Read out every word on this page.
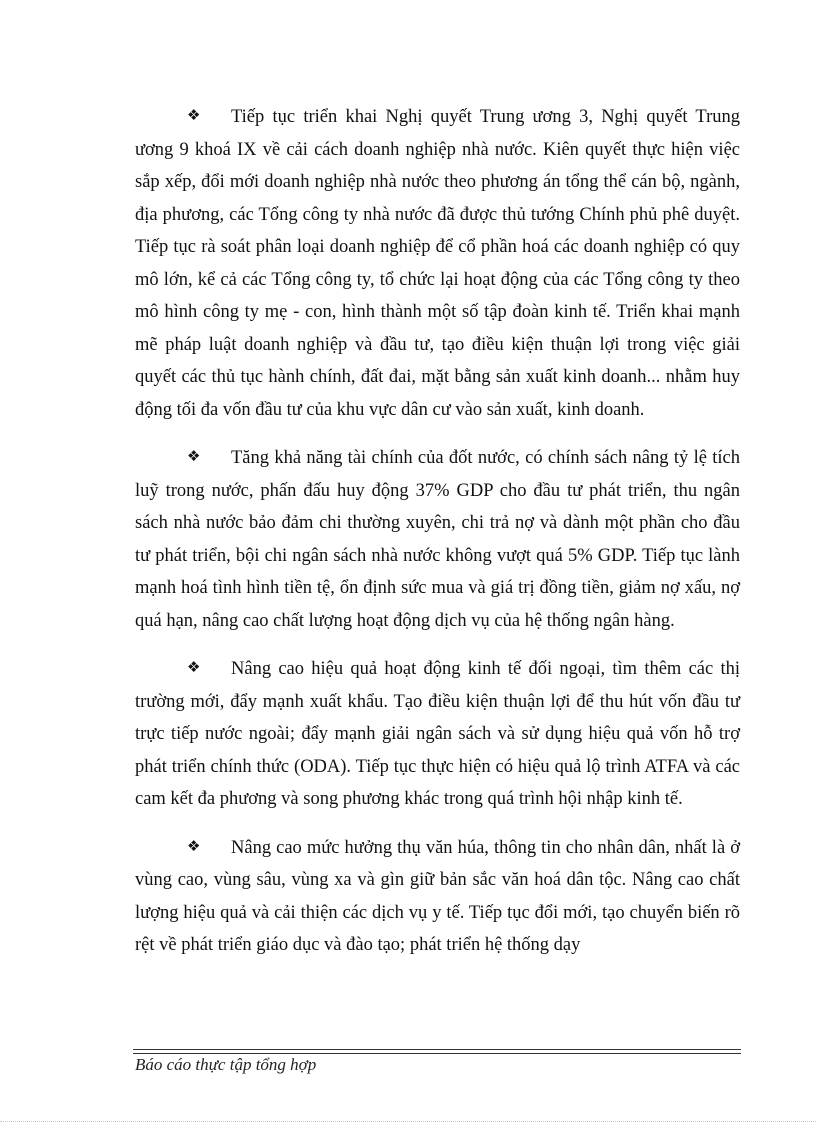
❖ Tiếp tục triển khai Nghị quyết Trung ương 3, Nghị quyết Trung ương 9 khoá IX về cải cách doanh nghiệp nhà nước. Kiên quyết thực hiện việc sắp xếp, đổi mới doanh nghiệp nhà nước theo phương án tổng thể cán bộ, ngành, địa phương, các Tổng công ty nhà nước đã được thủ tướng Chính phủ phê duyệt. Tiếp tục rà soát phân loại doanh nghiệp để cổ phần hoá các doanh nghiệp có quy mô lớn, kể cả các Tổng công ty, tổ chức lại hoạt động của các Tổng công ty theo mô hình công ty mẹ - con, hình thành một số tập đoàn kinh tế. Triển khai mạnh mẽ pháp luật doanh nghiệp và đầu tư, tạo điều kiện thuận lợi trong việc giải quyết các thủ tục hành chính, đất đai, mặt bằng sản xuất kinh doanh... nhằm huy động tối đa vốn đầu tư của khu vực dân cư vào sản xuất, kinh doanh.

❖ Tăng khả năng tài chính của đốt nước, có chính sách nâng tỷ lệ tích luỹ trong nước, phấn đấu huy động 37% GDP cho đầu tư phát triển, thu ngân sách nhà nước bảo đảm chi thường xuyên, chi trả nợ và dành một phần cho đầu tư phát triển, bội chi ngân sách nhà nước không vượt quá 5% GDP. Tiếp tục lành mạnh hoá tình hình tiền tệ, ổn định sức mua và giá trị đồng tiền, giảm nợ xấu, nợ quá hạn, nâng cao chất lượng hoạt động dịch vụ của hệ thống ngân hàng.

❖ Nâng cao hiệu quả hoạt động kinh tế đối ngoại, tìm thêm các thị trường mới, đẩy mạnh xuất khẩu. Tạo điều kiện thuận lợi để thu hút vốn đầu tư trực tiếp nước ngoài; đẩy mạnh giải ngân sách và sử dụng hiệu quả vốn hỗ trợ phát triển chính thức (ODA). Tiếp tục thực hiện có hiệu quả lộ trình ATFA và các cam kết đa phương và song phương khác trong quá trình hội nhập kinh tế.

❖ Nâng cao mức hưởng thụ văn húa, thông tin cho nhân dân, nhất là ở vùng cao, vùng sâu, vùng xa và gìn giữ bản sắc văn hoá dân tộc. Nâng cao chất lượng hiệu quả và cải thiện các dịch vụ y tế. Tiếp tục đổi mới, tạo chuyển biến rõ rệt về phát triển giáo dục và đào tạo; phát triển hệ thống dạy

Báo cáo thực tập tổng hợp
